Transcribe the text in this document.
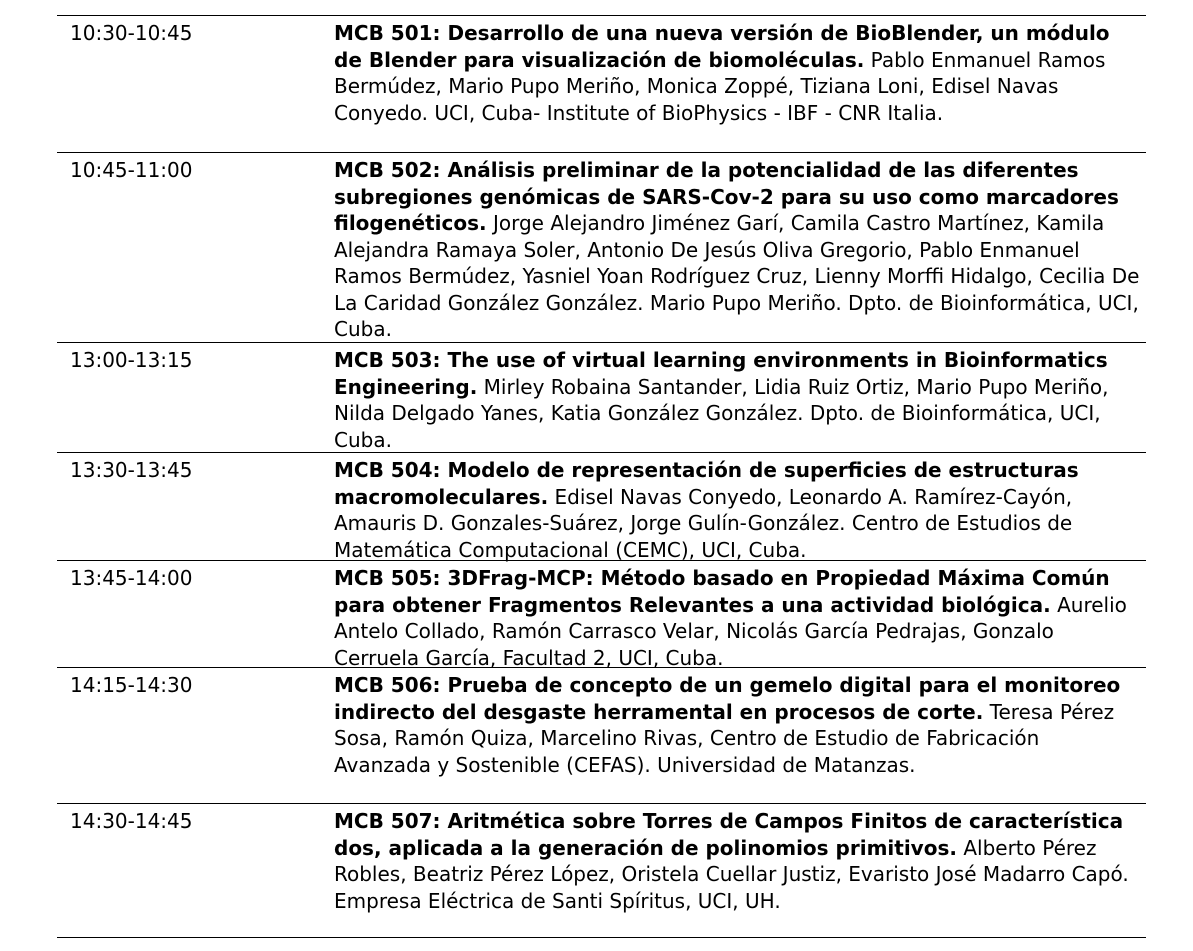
10:30-10:45	MCB 501: Desarrollo de una nueva versión de BioBlender, un módulo de Blender para visualización de biomoléculas. Pablo Enmanuel Ramos Bermúdez, Mario Pupo Meriño, Monica Zoppé, Tiziana Loni, Edisel Navas Conyedo. UCI, Cuba- Institute of BioPhysics - IBF - CNR Italia.
10:45-11:00	MCB 502: Análisis preliminar de la potencialidad de las diferentes subregiones genómicas de SARS-Cov-2 para su uso como marcadores filogenéticos. Jorge Alejandro Jiménez Garí, Camila Castro Martínez, Kamila Alejandra Ramaya Soler, Antonio De Jesús Oliva Gregorio, Pablo Enmanuel Ramos Bermúdez, Yasniel Yoan Rodríguez Cruz, Lienny Morffi Hidalgo, Cecilia De La Caridad González González. Mario Pupo Meriño. Dpto. de Bioinformática, UCI, Cuba.
13:00-13:15	MCB 503: The use of virtual learning environments in Bioinformatics Engineering. Mirley Robaina Santander, Lidia Ruiz Ortiz, Mario Pupo Meriño, Nilda Delgado Yanes, Katia González González. Dpto. de Bioinformática, UCI, Cuba.
13:30-13:45	MCB 504: Modelo de representación de superficies de estructuras macromoleculares. Edisel Navas Conyedo, Leonardo A. Ramírez-Cayón, Amauris D. Gonzales-Suárez, Jorge Gulín-González. Centro de Estudios de Matemática Computacional (CEMC), UCI, Cuba.
13:45-14:00	MCB 505: 3DFrag-MCP: Método basado en Propiedad Máxima Común para obtener Fragmentos Relevantes a una actividad biológica. Aurelio Antelo Collado, Ramón Carrasco Velar, Nicolás García Pedrajas, Gonzalo Cerruela García, Facultad 2, UCI, Cuba.
14:15-14:30	MCB 506: Prueba de concepto de un gemelo digital para el monitoreo indirecto del desgaste herramental en procesos de corte. Teresa Pérez Sosa, Ramón Quiza, Marcelino Rivas, Centro de Estudio de Fabricación Avanzada y Sostenible (CEFAS). Universidad de Matanzas.
14:30-14:45	MCB 507: Aritmética sobre Torres de Campos Finitos de característica dos, aplicada a la generación de polinomios primitivos. Alberto Pérez Robles, Beatriz Pérez López, Oristela Cuellar Justiz, Evaristo José Madarro Capó. Empresa Eléctrica de Santi Spíritus, UCI, UH.
